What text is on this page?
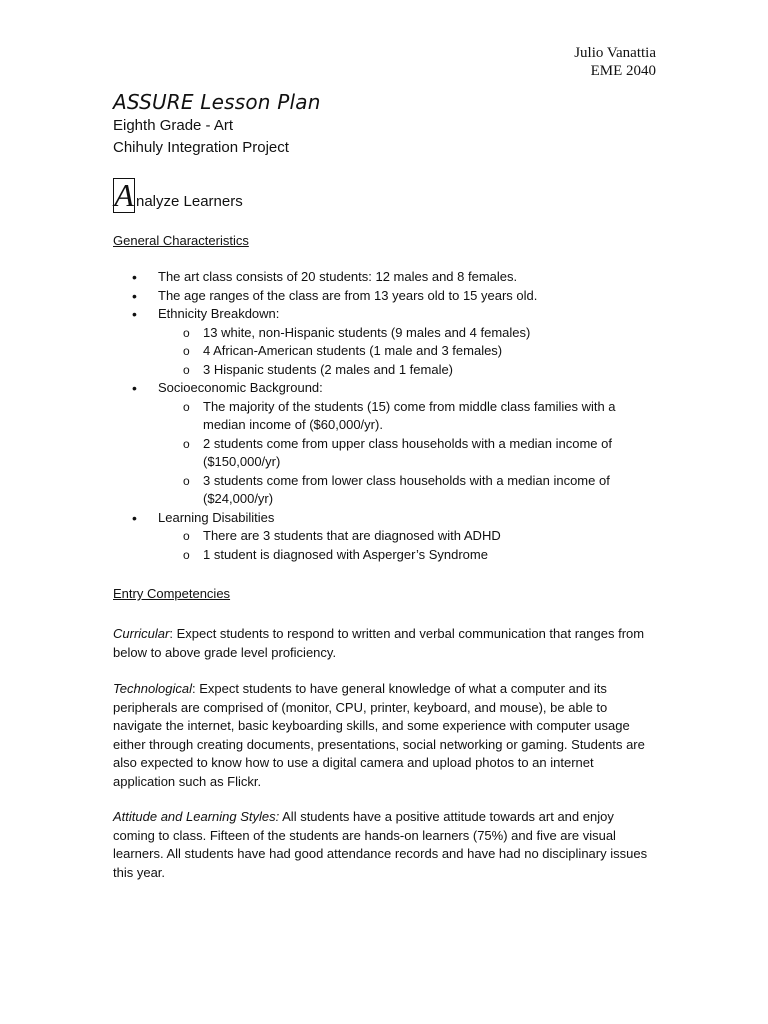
Julio Vanattia
EME 2040
ASSURE Lesson Plan
Eighth Grade - Art
Chihuly Integration Project
A nalyze Learners
General Characteristics
• The art class consists of 20 students: 12 males and 8 females.
• The age ranges of the class are from 13 years old to 15 years old.
• Ethnicity Breakdown:
o 13 white, non-Hispanic students (9 males and 4 females)
o 4 African-American students (1 male and 3 females)
o 3 Hispanic students (2 males and 1 female)
• Socioeconomic Background:
o The majority of the students (15) come from middle class families with a median income of ($60,000/yr).
o 2 students come from upper class households with a median income of ($150,000/yr)
o 3 students come from lower class households with a median income of ($24,000/yr)
• Learning Disabilities
o There are 3 students that are diagnosed with ADHD
o 1 student is diagnosed with Asperger’s Syndrome
Entry Competencies

Curricular: Expect students to respond to written and verbal communication that ranges from below to above grade level proficiency.

Technological: Expect students to have general knowledge of what a computer and its peripherals are comprised of (monitor, CPU, printer, keyboard, and mouse), be able to navigate the internet, basic keyboarding skills, and some experience with computer usage either through creating documents, presentations, social networking or gaming. Students are also expected to know how to use a digital camera and upload photos to an internet application such as Flickr.

Attitude and Learning Styles: All students have a positive attitude towards art and enjoy coming to class. Fifteen of the students are hands-on learners (75%) and five are visual learners. All students have had good attendance records and have had no disciplinary issues this year.
